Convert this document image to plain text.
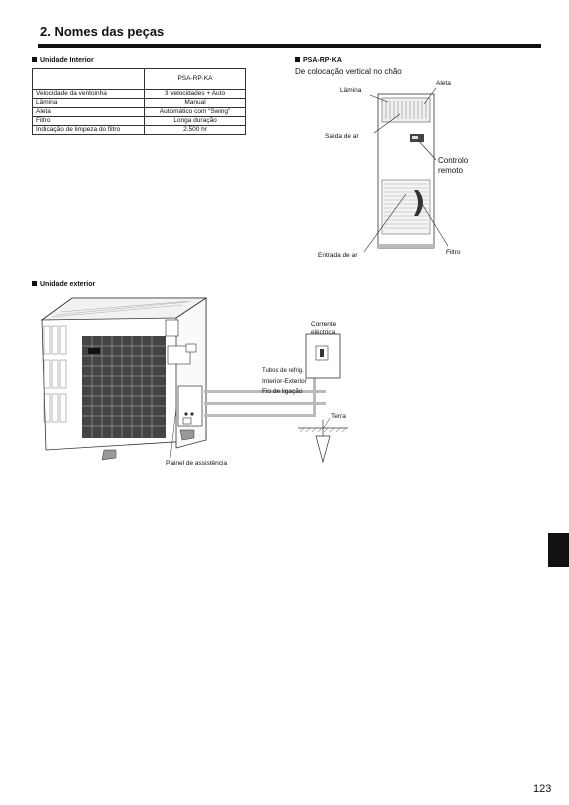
2. Nomes das peças
Unidade Interior
	PSA-RP·KA
Velocidade da ventoinha	3 velocidades + Auto
Lâmina	Manual
Aleta	Automático com “Swing”
Filtro	Longa duração
Indicação de limpeza do filtro	2.500 hr
PSA-RP·KA
De colocação vertical no chão
Lâmina
Aleta
Saída de ar
Controlo
remoto
Entrada de ar	Filtro
Unidade exterior
Corrente
eléctrica
Tubos de refrig.
Interior-Exterior
Fio de ligação
Terra
Painel de assistência
123
